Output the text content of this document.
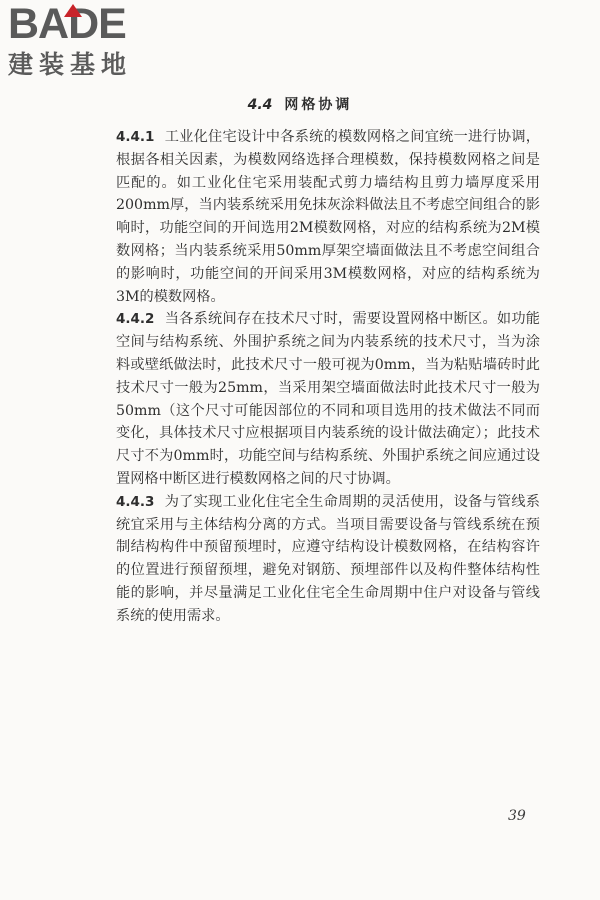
BADE
建装基地
4.4 网格协调

4.4.1 工业化住宅设计中各系统的模数网格之间宜统一进行协调，根据各相关因素，为模数网络选择合理模数，保持模数网格之间是匹配的。如工业化住宅采用装配式剪力墙结构且剪力墙厚度采用200mm厚，当内装系统采用免抹灰涂料做法且不考虑空间组合的影响时，功能空间的开间选用2M模数网格，对应的结构系统为2M模数网格；当内装系统采用50mm厚架空墙面做法且不考虑空间组合的影响时，功能空间的开间采用3M模数网格，对应的结构系统为3M的模数网格。

4.4.2 当各系统间存在技术尺寸时，需要设置网格中断区。如功能空间与结构系统、外围护系统之间为内装系统的技术尺寸，当为涂料或壁纸做法时，此技术尺寸一般可视为0mm，当为粘贴墙砖时此技术尺寸一般为25mm，当采用架空墙面做法时此技术尺寸一般为50mm（这个尺寸可能因部位的不同和项目选用的技术做法不同而变化，具体技术尺寸应根据项目内装系统的设计做法确定）；此技术尺寸不为0mm时，功能空间与结构系统、外围护系统之间应通过设置网格中断区进行模数网格之间的尺寸协调。

4.4.3 为了实现工业化住宅全生命周期的灵活使用，设备与管线系统宜采用与主体结构分离的方式。当项目需要设备与管线系统在预制结构构件中预留预埋时，应遵守结构设计模数网格，在结构容许的位置进行预留预埋，避免对钢筋、预埋部件以及构件整体结构性能的影响，并尽量满足工业化住宅全生命周期中住户对设备与管线系统的使用需求。

39
